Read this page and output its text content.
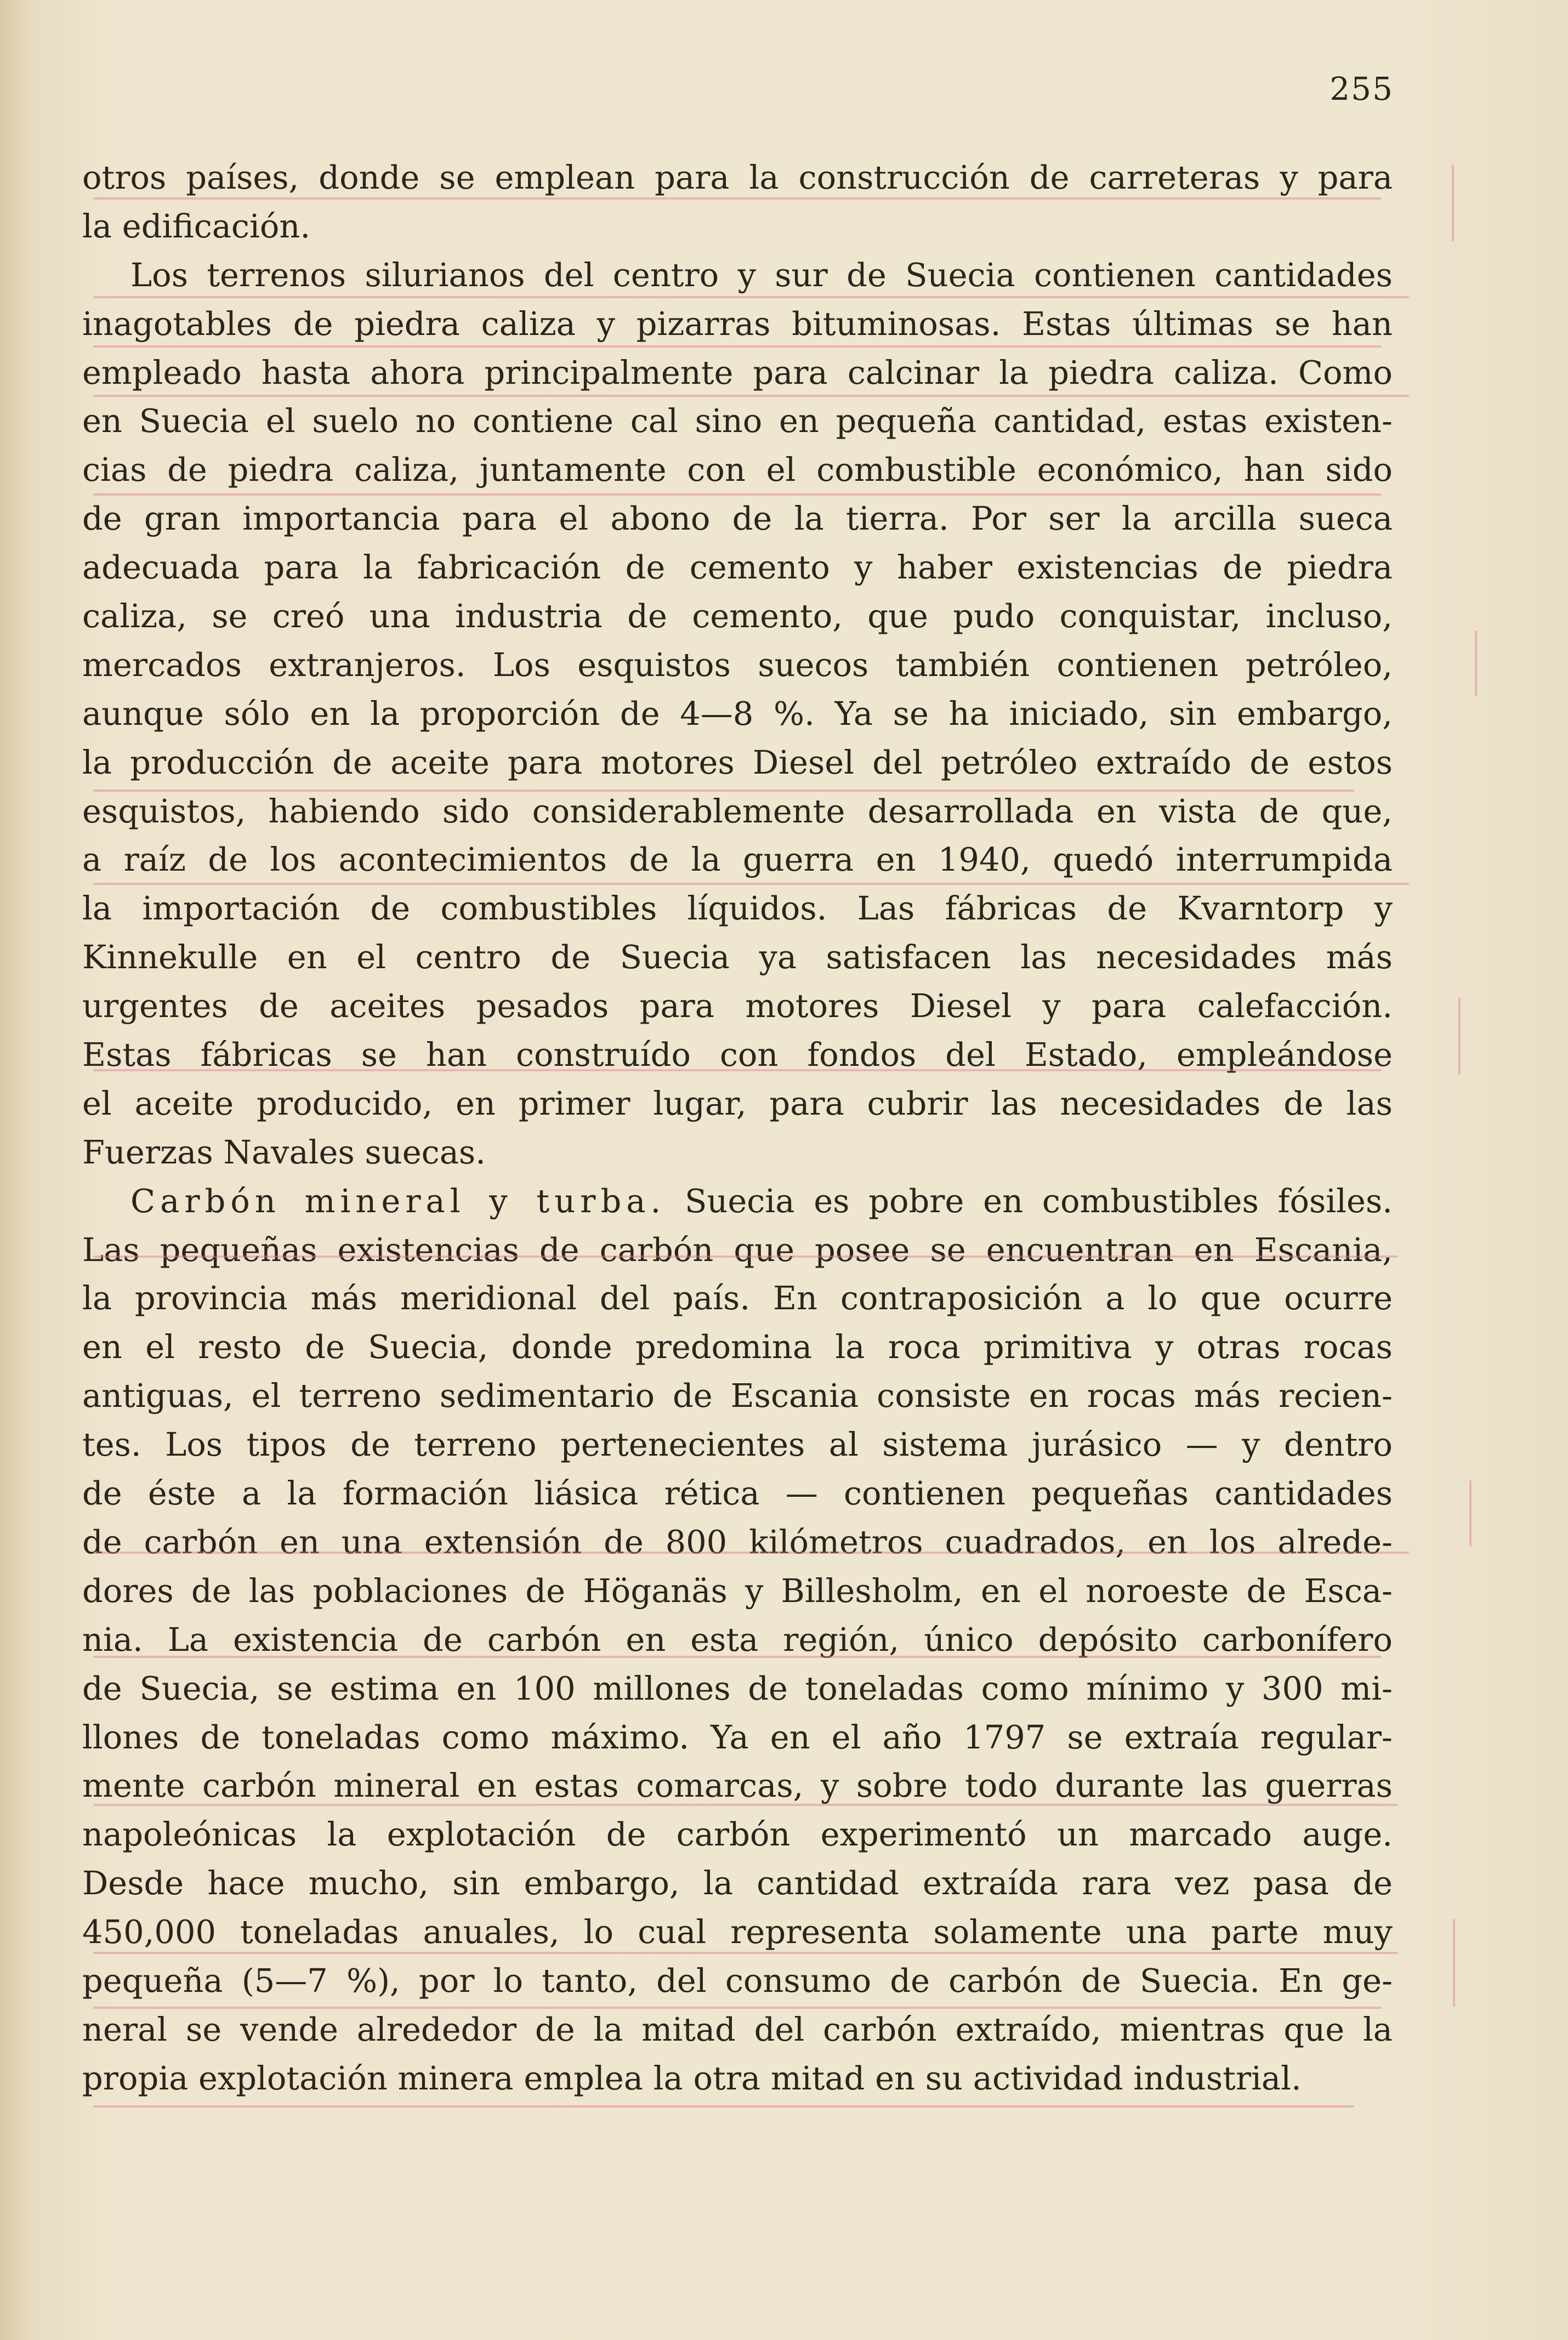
255
otros países, donde se emplean para la construcción de carreteras y para
la edificación.
Los terrenos silurianos del centro y sur de Suecia contienen cantidades
inagotables de piedra caliza y pizarras bituminosas. Estas últimas se han
empleado hasta ahora principalmente para calcinar la piedra caliza. Como
en Suecia el suelo no contiene cal sino en pequeña cantidad, estas existen-
cias de piedra caliza, juntamente con el combustible económico, han sido
de gran importancia para el abono de la tierra. Por ser la arcilla sueca
adecuada para la fabricación de cemento y haber existencias de piedra
caliza, se creó una industria de cemento, que pudo conquistar, incluso,
mercados extranjeros. Los esquistos suecos también contienen petróleo,
aunque sólo en la proporción de 4—8 %. Ya se ha iniciado, sin embargo,
la producción de aceite para motores Diesel del petróleo extraído de estos
esquistos, habiendo sido considerablemente desarrollada en vista de que,
a raíz de los acontecimientos de la guerra en 1940, quedó interrumpida
la importación de combustibles líquidos. Las fábricas de Kvarntorp y
Kinnekulle en el centro de Suecia ya satisfacen las necesidades más
urgentes de aceites pesados para motores Diesel y para calefacción.
Estas fábricas se han construído con fondos del Estado, empleándose
el aceite producido, en primer lugar, para cubrir las necesidades de las
Fuerzas Navales suecas.
Carbón mineral y turba. Suecia es pobre en combustibles fósiles.
Las pequeñas existencias de carbón que posee se encuentran en Escania,
la provincia más meridional del país. En contraposición a lo que ocurre
en el resto de Suecia, donde predomina la roca primitiva y otras rocas
antiguas, el terreno sedimentario de Escania consiste en rocas más recien-
tes. Los tipos de terreno pertenecientes al sistema jurásico — y dentro
de éste a la formación liásica rética — contienen pequeñas cantidades
de carbón en una extensión de 800 kilómetros cuadrados, en los alrede-
dores de las poblaciones de Höganäs y Billesholm, en el noroeste de Esca-
nia. La existencia de carbón en esta región, único depósito carbonífero
de Suecia, se estima en 100 millones de toneladas como mínimo y 300 mi-
llones de toneladas como máximo. Ya en el año 1797 se extraía regular-
mente carbón mineral en estas comarcas, y sobre todo durante las guerras
napoleónicas la explotación de carbón experimentó un marcado auge.
Desde hace mucho, sin embargo, la cantidad extraída rara vez pasa de
450,000 toneladas anuales, lo cual representa solamente una parte muy
pequeña (5—7 %), por lo tanto, del consumo de carbón de Suecia. En ge-
neral se vende alrededor de la mitad del carbón extraído, mientras que la
propia explotación minera emplea la otra mitad en su actividad industrial.
